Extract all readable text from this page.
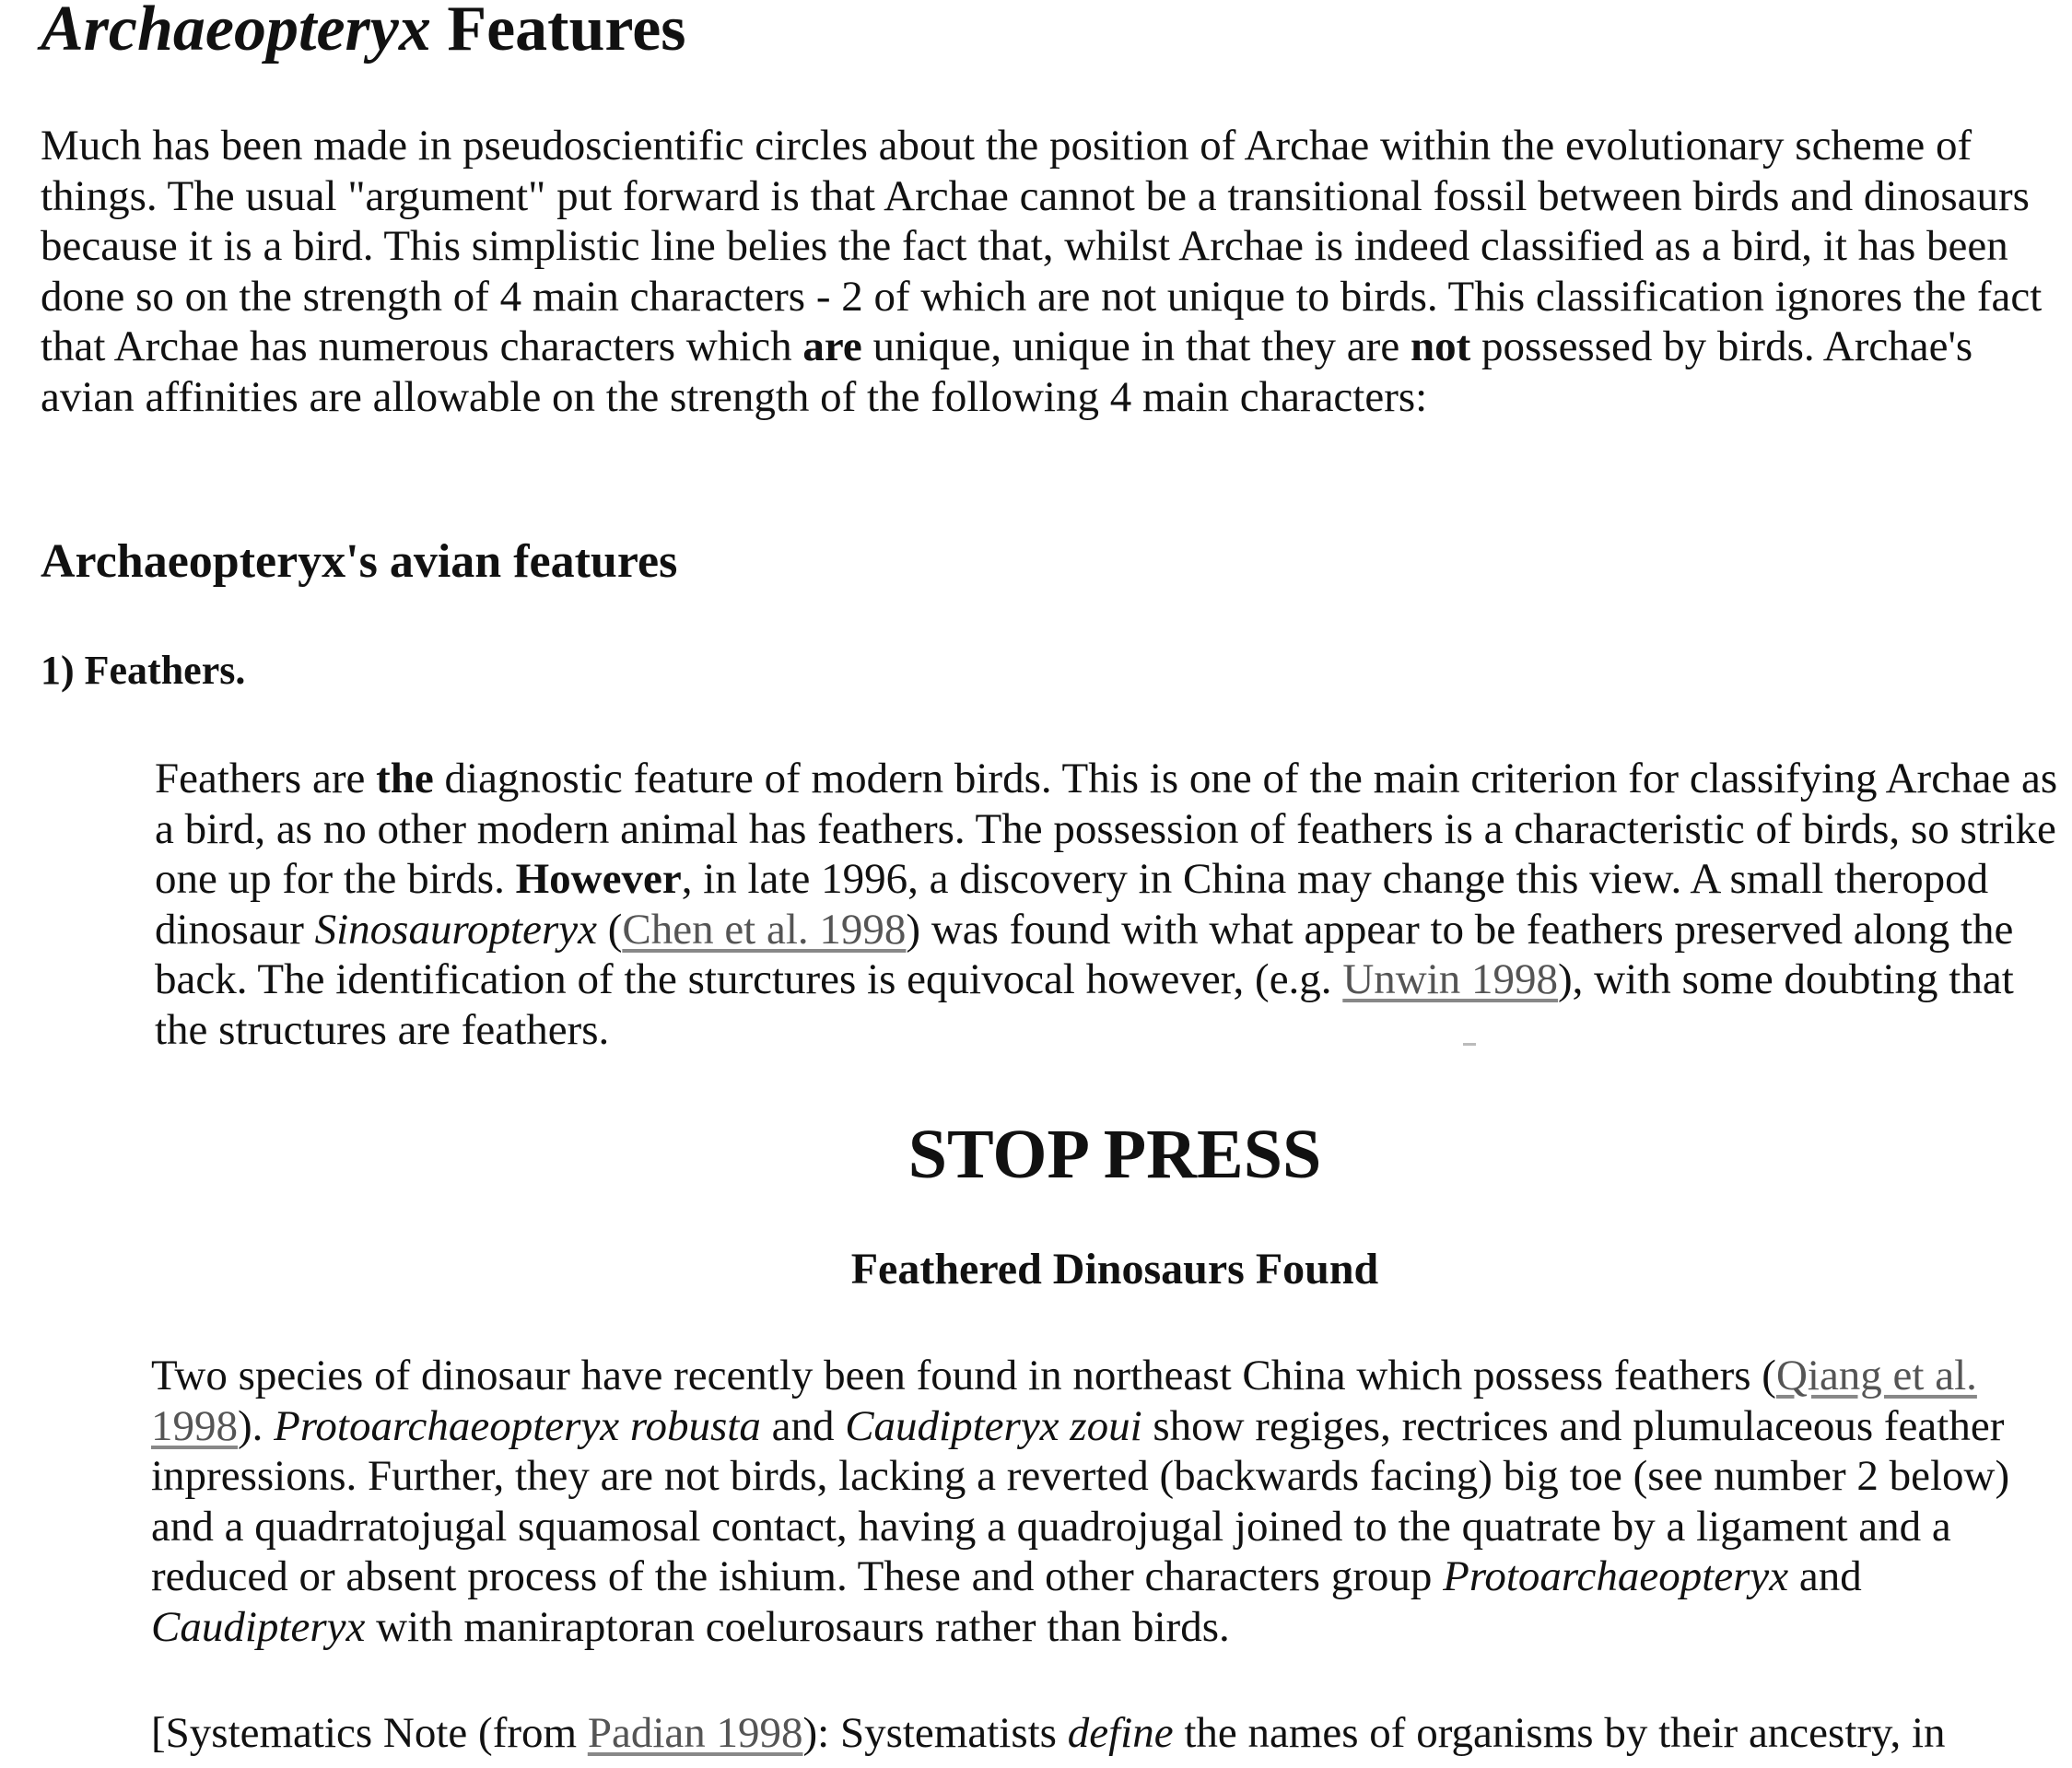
Archaeopteryx Features

Much has been made in pseudoscientific circles about the position of Archae within the evolutionary scheme of things. The usual "argument" put forward is that Archae cannot be a transitional fossil between birds and dinosaurs because it is a bird. This simplistic line belies the fact that, whilst Archae is indeed classified as a bird, it has been done so on the strength of 4 main characters - 2 of which are not unique to birds. This classification ignores the fact that Archae has numerous characters which are unique, unique in that they are not possessed by birds. Archae's avian affinities are allowable on the strength of the following 4 main characters:

Archaeopteryx's avian features
1) Feathers.

Feathers are the diagnostic feature of modern birds. This is one of the main criterion for classifying Archae as a bird, as no other modern animal has feathers. The possession of feathers is a characteristic of birds, so strike one up for the birds. However, in late 1996, a discovery in China may change this view. A small theropod dinosaur Sinosauropteryx (Chen et al. 1998) was found with what appear to be feathers preserved along the back. The identification of the sturctures is equivocal however, (e.g. Unwin 1998), with some doubting that the structures are feathers.

STOP PRESS
Feathered Dinosaurs Found

Two species of dinosaur have recently been found in northeast China which possess feathers (Qiang et al. 1998). Protoarchaeopteryx robusta and Caudipteryx zoui show regiges, rectrices and plumulaceous feather inpressions. Further, they are not birds, lacking a reverted (backwards facing) big toe (see number 2 below) and a quadrratojugal squamosal contact, having a quadrojugal joined to the quatrate by a ligament and a reduced or absent process of the ishium. These and other characters group Protoarchaeopteryx and Caudipteryx with maniraptoran coelurosaurs rather than birds.

[Systematics Note (from Padian 1998): Systematists define the names of organisms by their ancestry, in
